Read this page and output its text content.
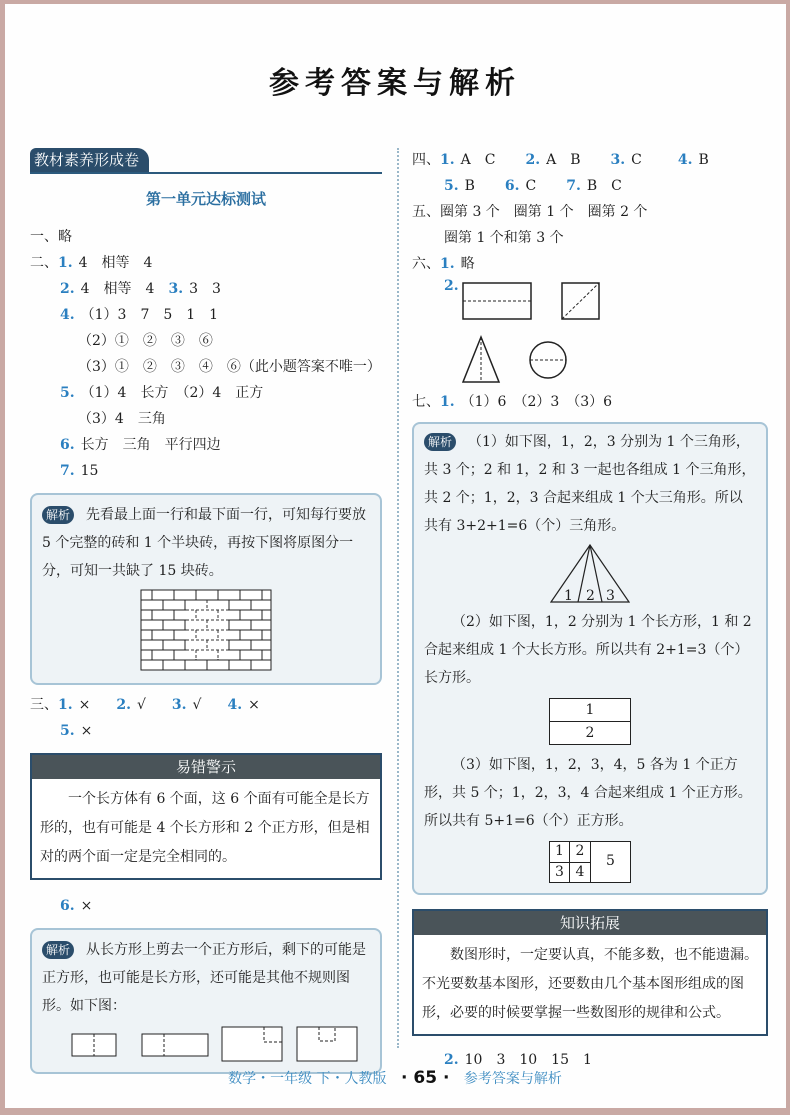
参考答案与解析
教材素养形成卷
第一单元达标测试
一、略
二、1. 4　相等　4
2. 4　相等　4 3. 3　3
4. （1）3　7　5　1　1
（2）①　②　③　⑥
（3）①　②　③　④　⑥（此小题答案不唯一）
5. （1）4　长方　（2）4　正方
（3）4　三角
6. 长方　三角　平行四边
7. 15
解析 先看最上面一行和最下面一行，可知每行要放 5 个完整的砖和 1 个半块砖，再按下图将原图分一分，可知一共缺了 15 块砖。
三、1. × 2. √ 3. √ 4. ×
5. ×
易错警示
一个长方体有 6 个面，这 6 个面有可能全是长方形的，也有可能是 4 个长方形和 2 个正方形，但是相对的两个面一定是完全相同的。
6. ×
解析 从长方形上剪去一个正方形后，剩下的可能是正方形，也可能是长方形，还可能是其他不规则图形。如下图：
四、1. A　C 2. A　B 3. C	4. B
5. B 6. C 7. B　C
五、圈第 3 个　圈第 1 个　圈第 2 个
圈第 1 个和第 3 个
六、1. 略
2.
七、1. （1）6　（2）3　（3）6
解析 （1）如下图，1，2，3 分别为 1 个三角形，共 3 个；2 和 1，2 和 3 一起也各组成 1 个三角形，共 2 个；1，2，3 合起来组成 1 个大三角形。所以共有 3+2+1=6（个）三角形。
1 2 3
（2）如下图，1，2 分别为 1 个长方形，1 和 2 合起来组成 1 个大长方形。所以共有 2+1=3（个）长方形。
1
2
（3）如下图，1，2，3，4，5 各为 1 个正方形，共 5 个；1，2，3，4 合起来组成 1 个正方形。所以共有 5+1=6（个）正方形。
1 2
3 4
5
知识拓展
数图形时，一定要认真，不能多数，也不能遗漏。不光要数基本图形，还要数由几个基本图形组成的图形，必要的时候要掌握一些数图形的规律和公式。
2. 10　3　10　15　1
数学・一年级 下・人教版 · 65 · 参考答案与解析
